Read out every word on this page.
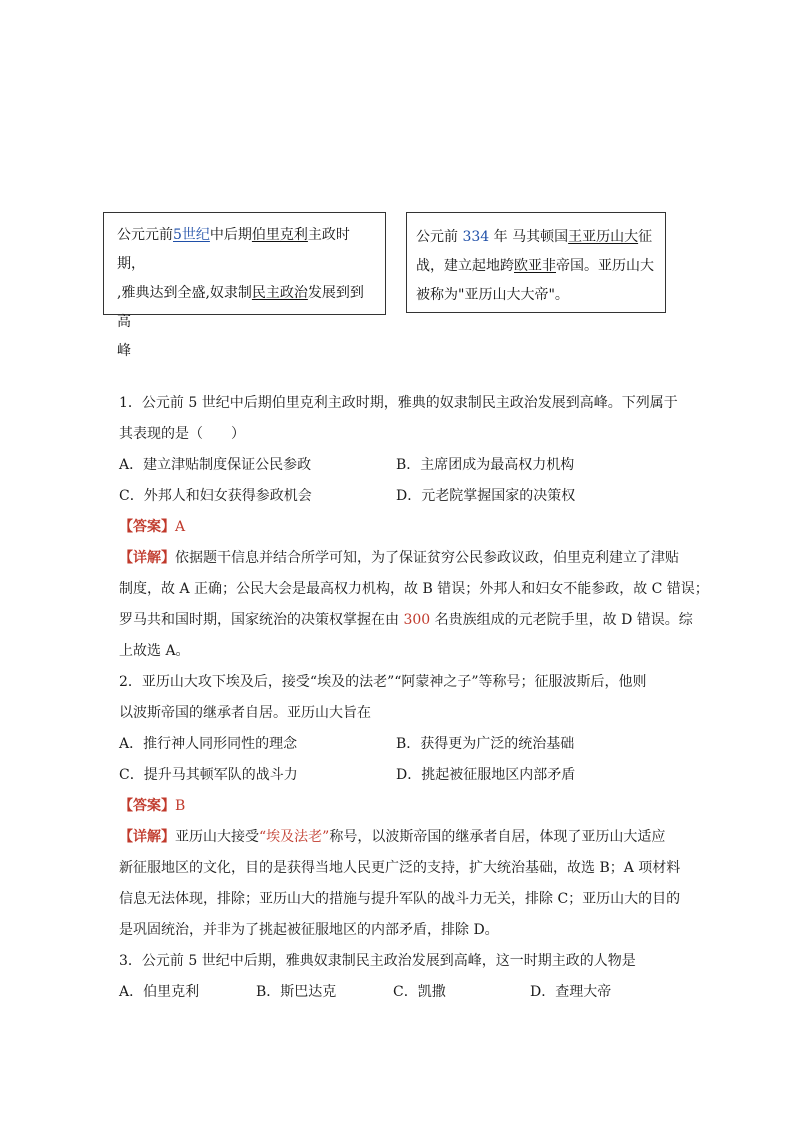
公元元前5世纪中后期伯里克利主政时期，
,雅典达到全盛,奴隶制民主政治发展到到高
峰
公元前 334 年 马其顿国王亚历山大征
战，建立起地跨欧亚非帝国。亚历山大
被称为"亚历山大大帝"。
1．公元前 5 世纪中后期伯里克利主政时期，雅典的奴隶制民主政治发展到高峰。下列属于
其表现的是（　　）
A．建立津贴制度保证公民参政	B．主席团成为最高权力机构
C．外邦人和妇女获得参政机会	D．元老院掌握国家的决策权
【答案】A
【详解】依据题干信息并结合所学可知，为了保证贫穷公民参政议政，伯里克利建立了津贴
制度，故 A 正确；公民大会是最高权力机构，故 B 错误；外邦人和妇女不能参政，故 C 错误；
罗马共和国时期，国家统治的决策权掌握在由 300 名贵族组成的元老院手里，故 D 错误。综
上故选 A。
2．亚历山大攻下埃及后，接受“埃及的法老”“阿蒙神之子”等称号；征服波斯后，他则
以波斯帝国的继承者自居。亚历山大旨在
A．推行神人同形同性的理念	B．获得更为广泛的统治基础
C．提升马其顿军队的战斗力	D．挑起被征服地区内部矛盾
【答案】B
【详解】亚历山大接受“埃及法老”称号，以波斯帝国的继承者自居，体现了亚历山大适应
新征服地区的文化，目的是获得当地人民更广泛的支持，扩大统治基础，故选 B；A 项材料
信息无法体现，排除；亚历山大的措施与提升军队的战斗力无关，排除 C；亚历山大的目的
是巩固统治，并非为了挑起被征服地区的内部矛盾，排除 D。
3．公元前 5 世纪中后期，雅典奴隶制民主政治发展到高峰，这一时期主政的人物是
A．伯里克利	B．斯巴达克	C．凯撒	D．查理大帝
